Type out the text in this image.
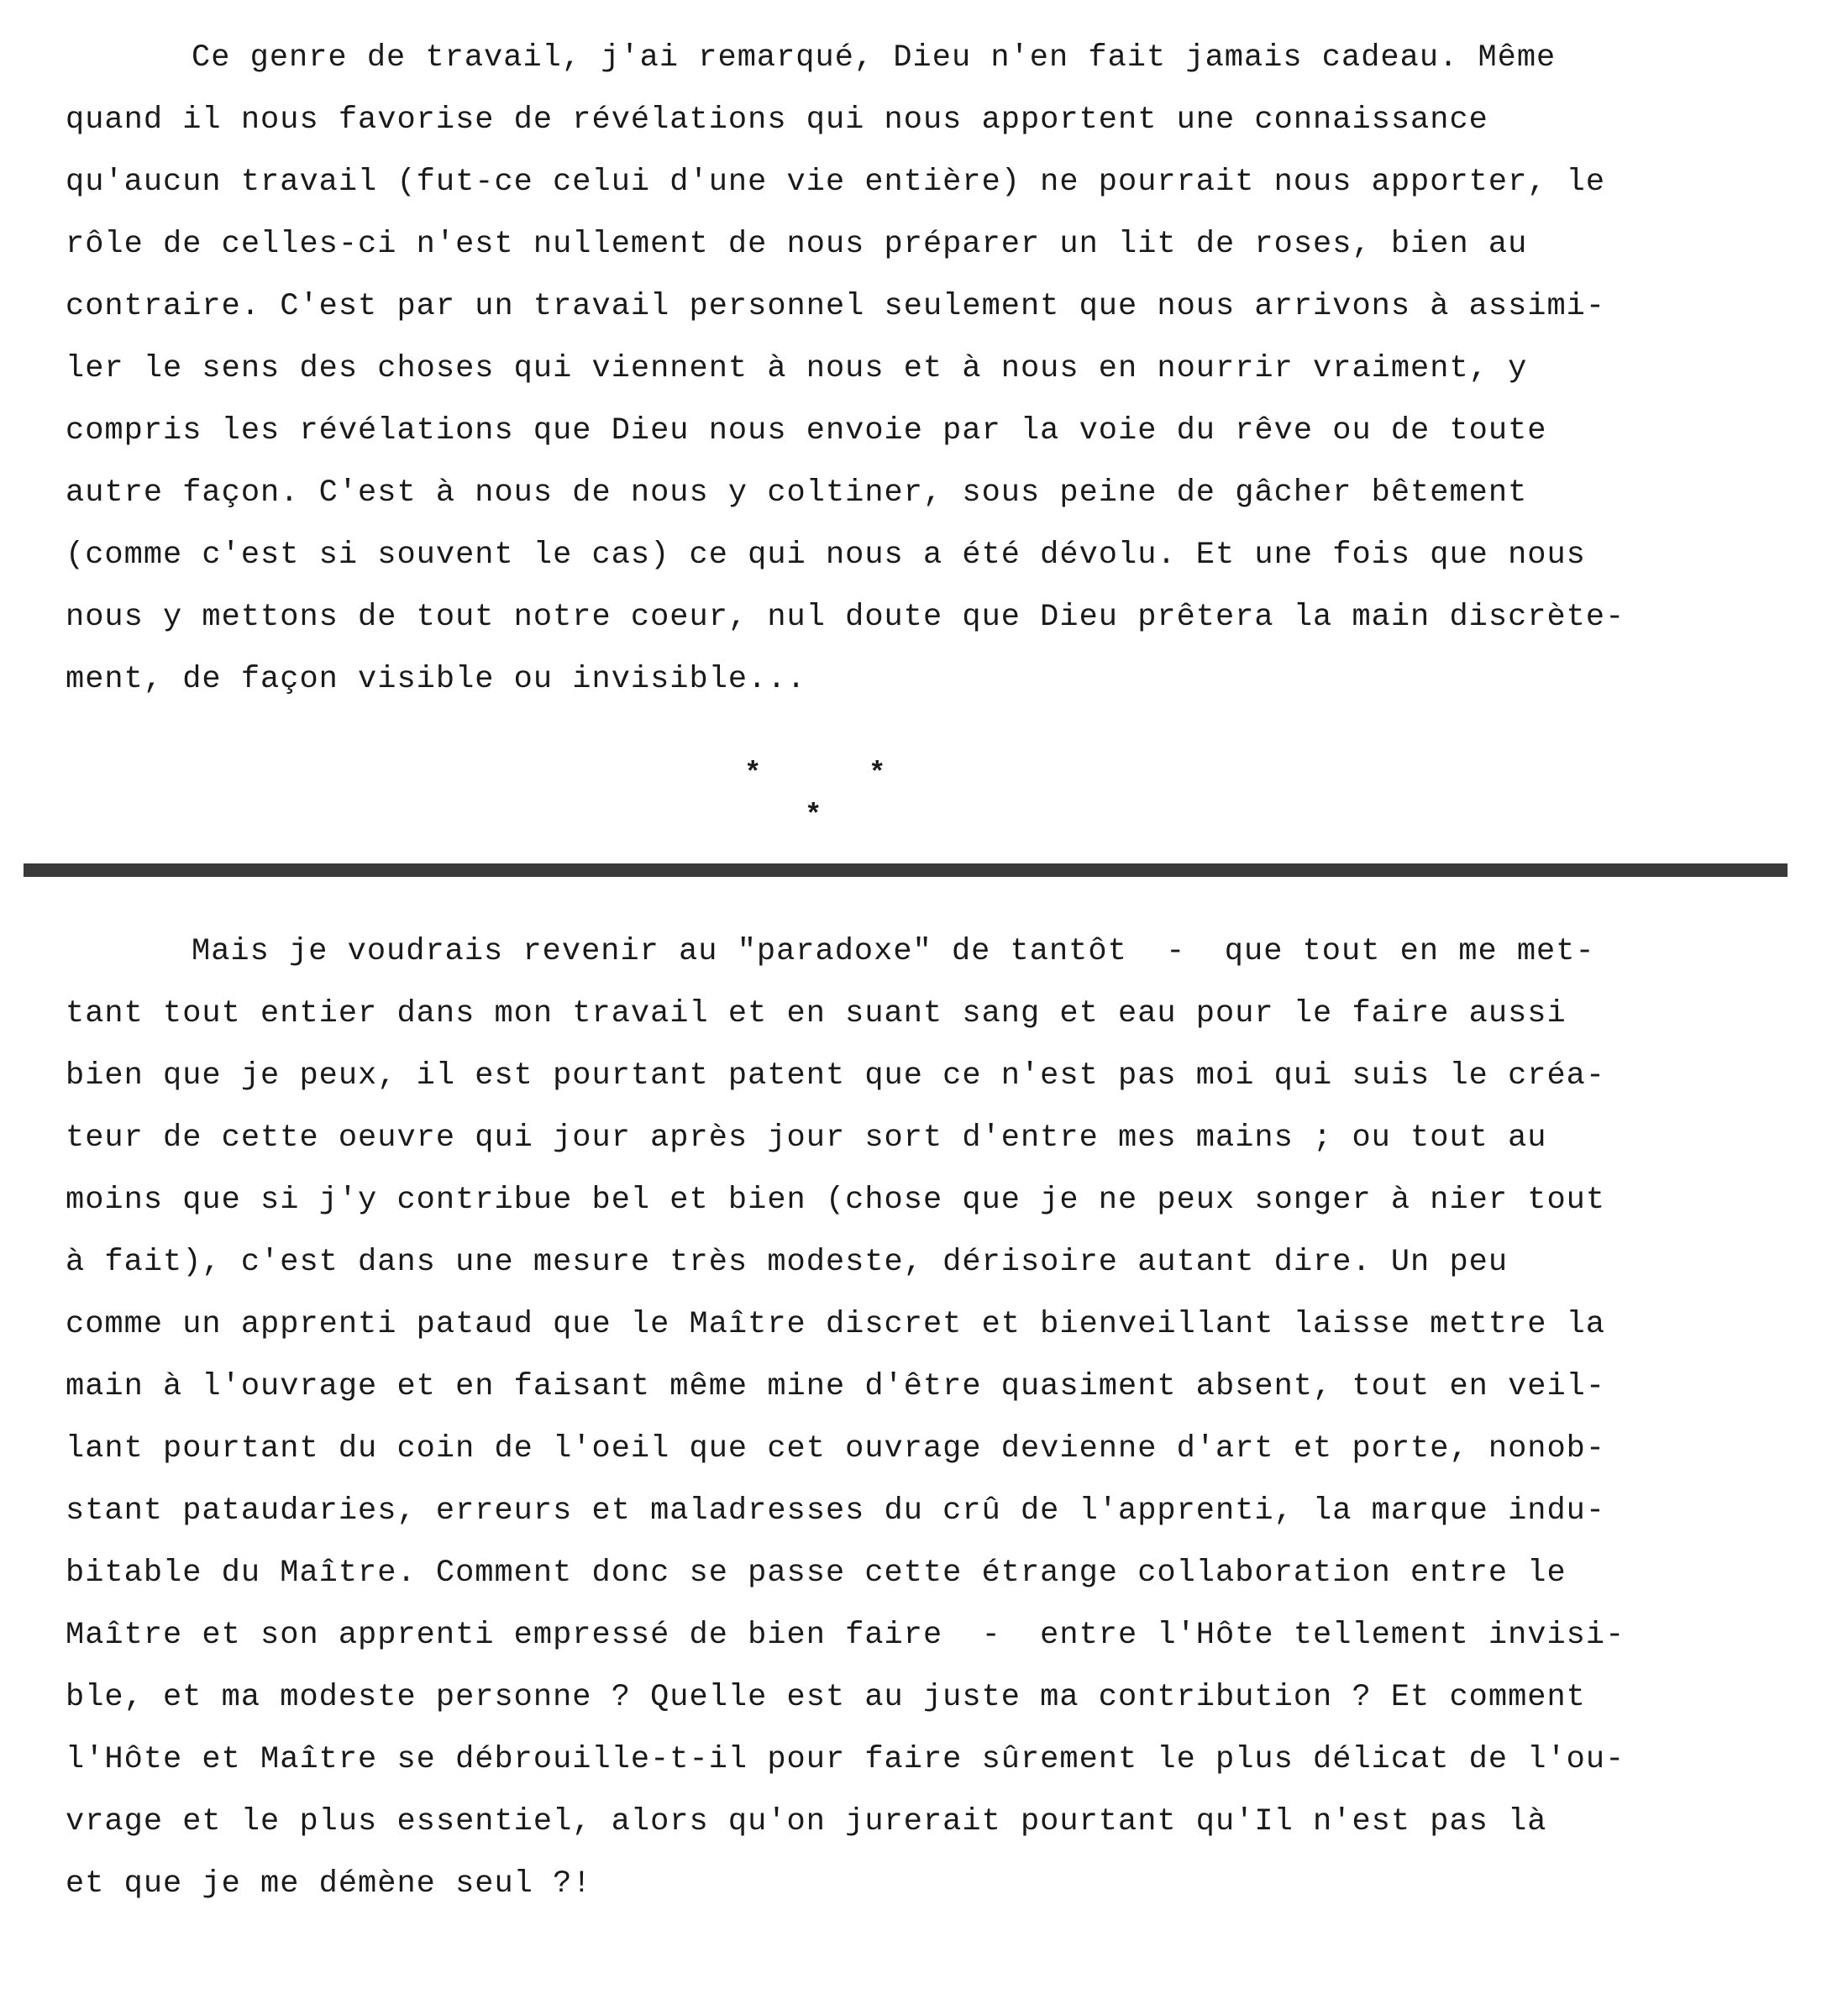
Ce genre de travail, j'ai remarqué, Dieu n'en fait jamais cadeau. Même
quand il nous favorise de révélations qui nous apportent une connaissance
qu'aucun travail (fut-ce celui d'une vie entière) ne pourrait nous apporter, le
rôle de celles-ci n'est nullement de nous préparer un lit de roses, bien au
contraire. C'est par un travail personnel seulement que nous arrivons à assimi-
ler le sens des choses qui viennent à nous et à nous en nourrir vraiment, y
compris les révélations que Dieu nous envoie par la voie du rêve ou de toute
autre façon. C'est à nous de nous y coltiner, sous peine de gâcher bêtement
(comme c'est si souvent le cas) ce qui nous a été dévolu. Et une fois que nous
nous y mettons de tout notre coeur, nul doute que Dieu prêtera la main discrète-
ment, de façon visible ou invisible...
*	*
*
Mais je voudrais revenir au "paradoxe" de tantôt  -  que tout en me met-
tant tout entier dans mon travail et en suant sang et eau pour le faire aussi
bien que je peux, il est pourtant patent que ce n'est pas moi qui suis le créa-
teur de cette oeuvre qui jour après jour sort d'entre mes mains ; ou tout au
moins que si j'y contribue bel et bien (chose que je ne peux songer à nier tout
à fait), c'est dans une mesure très modeste, dérisoire autant dire. Un peu
comme un apprenti pataud que le Maître discret et bienveillant laisse mettre la
main à l'ouvrage et en faisant même mine d'être quasiment absent, tout en veil-
lant pourtant du coin de l'oeil que cet ouvrage devienne d'art et porte, nonob-
stant pataudaries, erreurs et maladresses du crû de l'apprenti, la marque indu-
bitable du Maître. Comment donc se passe cette étrange collaboration entre le
Maître et son apprenti empressé de bien faire  -  entre l'Hôte tellement invisi-
ble, et ma modeste personne ? Quelle est au juste ma contribution ? Et comment
l'Hôte et Maître se débrouille-t-il pour faire sûrement le plus délicat de l'ou-
vrage et le plus essentiel, alors qu'on jurerait pourtant qu'Il n'est pas là
et que je me démène seul ?!
